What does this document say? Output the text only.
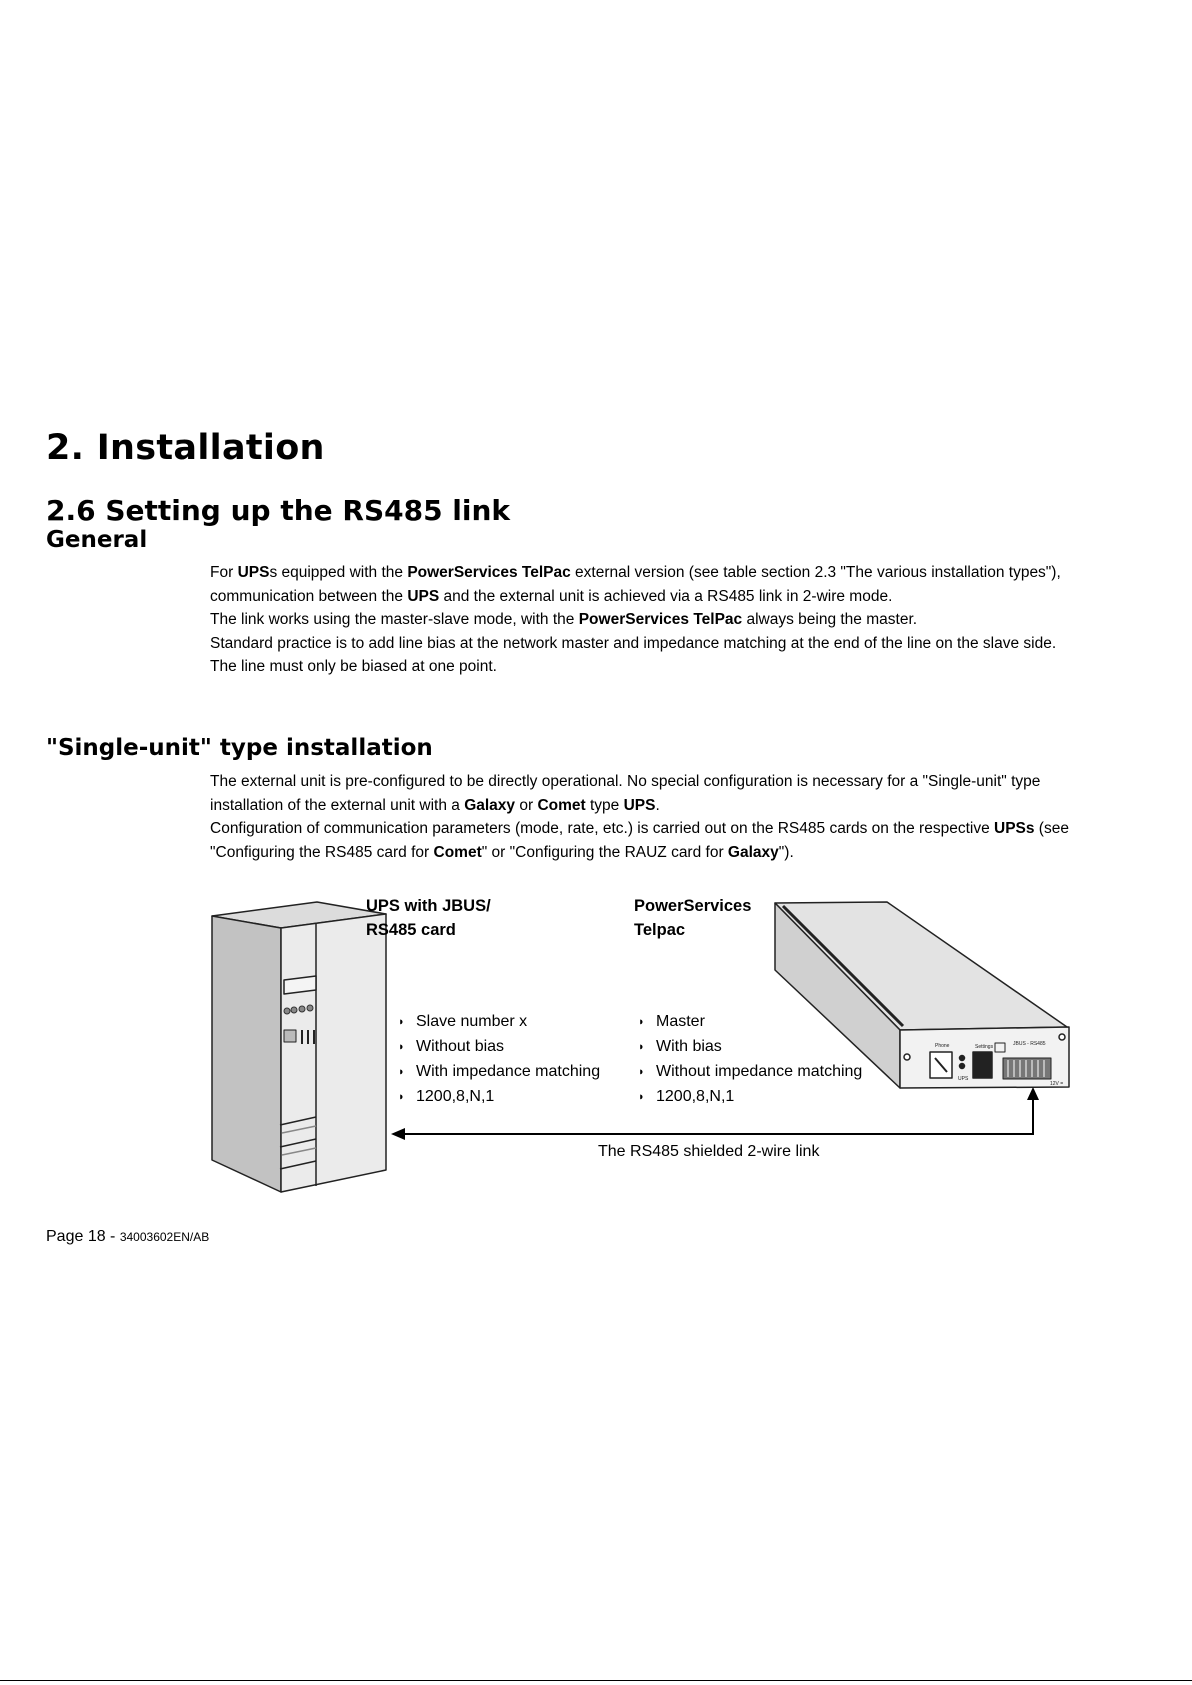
2. Installation
2.6 Setting up the RS485 link
General

For UPSs equipped with the PowerServices TelPac external version (see table section 2.3 "The various installation types"), communication between the UPS and the external unit is achieved via a RS485 link in 2-wire mode.

The link works using the master-slave mode, with the PowerServices TelPac always being the master.

Standard practice is to add line bias at the network master and impedance matching at the end of the line on the slave side.

The line must only be biased at one point.

"Single-unit" type installation

The external unit is pre-configured to be directly operational. No special configuration is necessary for a "Single-unit" type installation of the external unit with a Galaxy or Comet type UPS.

Configuration of communication parameters (mode, rate, etc.) is carried out on the RS485 cards on the respective UPSs (see "Configuring the RS485 card for Comet" or "Configuring the RAUZ card for Galaxy").

Phone	Settings	JBUS - RS485
UPS
12V =
UPS with JBUS/
RS485 card
PowerServices
Telpac
◗ Slave number x
◗ Without bias
◗ With impedance matching
◗ 1200,8,N,1
◗ Master
◗ With bias
◗ Without impedance matching
◗ 1200,8,N,1
The RS485 shielded 2-wire link
Page 18 - 34003602EN/AB
